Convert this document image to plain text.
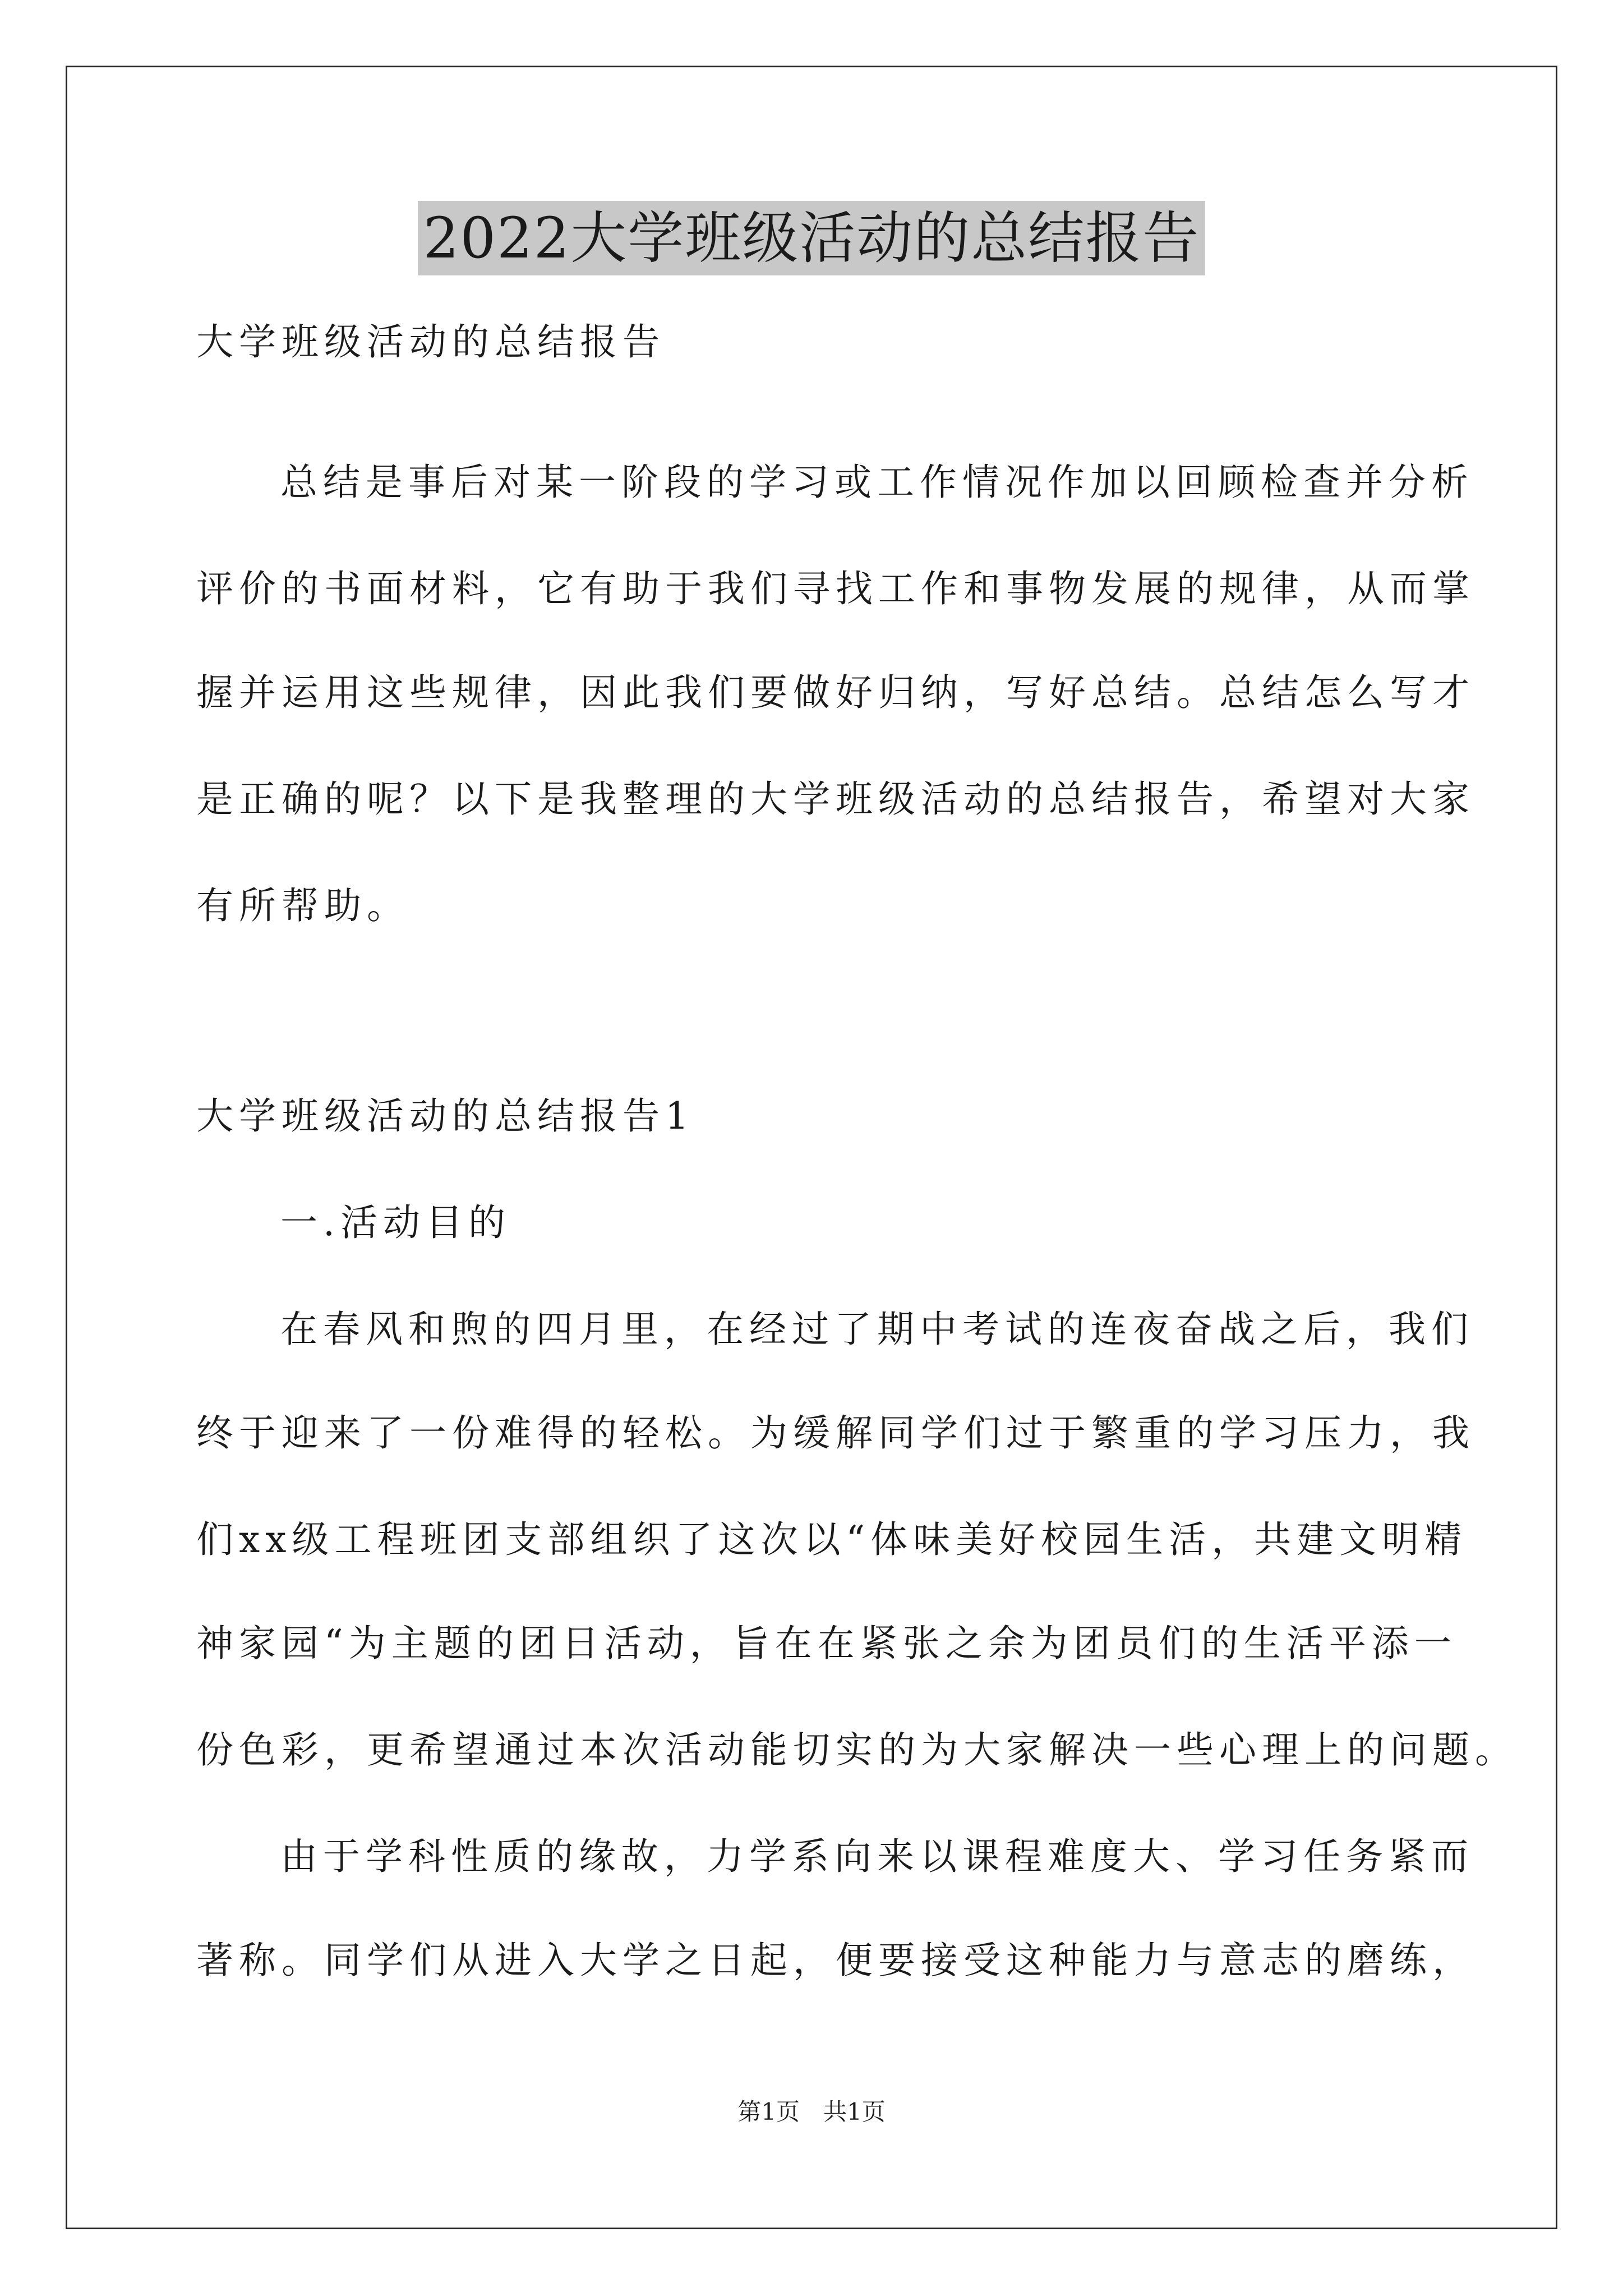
2022大学班级活动的总结报告
大学班级活动的总结报告
总结是事后对某一阶段的学习或工作情况作加以回顾检查并分析
评价的书面材料，它有助于我们寻找工作和事物发展的规律，从而掌
握并运用这些规律，因此我们要做好归纳，写好总结。总结怎么写才
是正确的呢？以下是我整理的大学班级活动的总结报告，希望对大家
有所帮助。
大学班级活动的总结报告1
一.活动目的
在春风和煦的四月里，在经过了期中考试的连夜奋战之后，我们
终于迎来了一份难得的轻松。为缓解同学们过于繁重的学习压力，我
们xx级工程班团支部组织了这次以“体味美好校园生活，共建文明精
神家园“为主题的团日活动，旨在在紧张之余为团员们的生活平添一
份色彩，更希望通过本次活动能切实的为大家解决一些心理上的问题。
由于学科性质的缘故，力学系向来以课程难度大、学习任务紧而
著称。同学们从进入大学之日起，便要接受这种能力与意志的磨练，
第1页　共1页
